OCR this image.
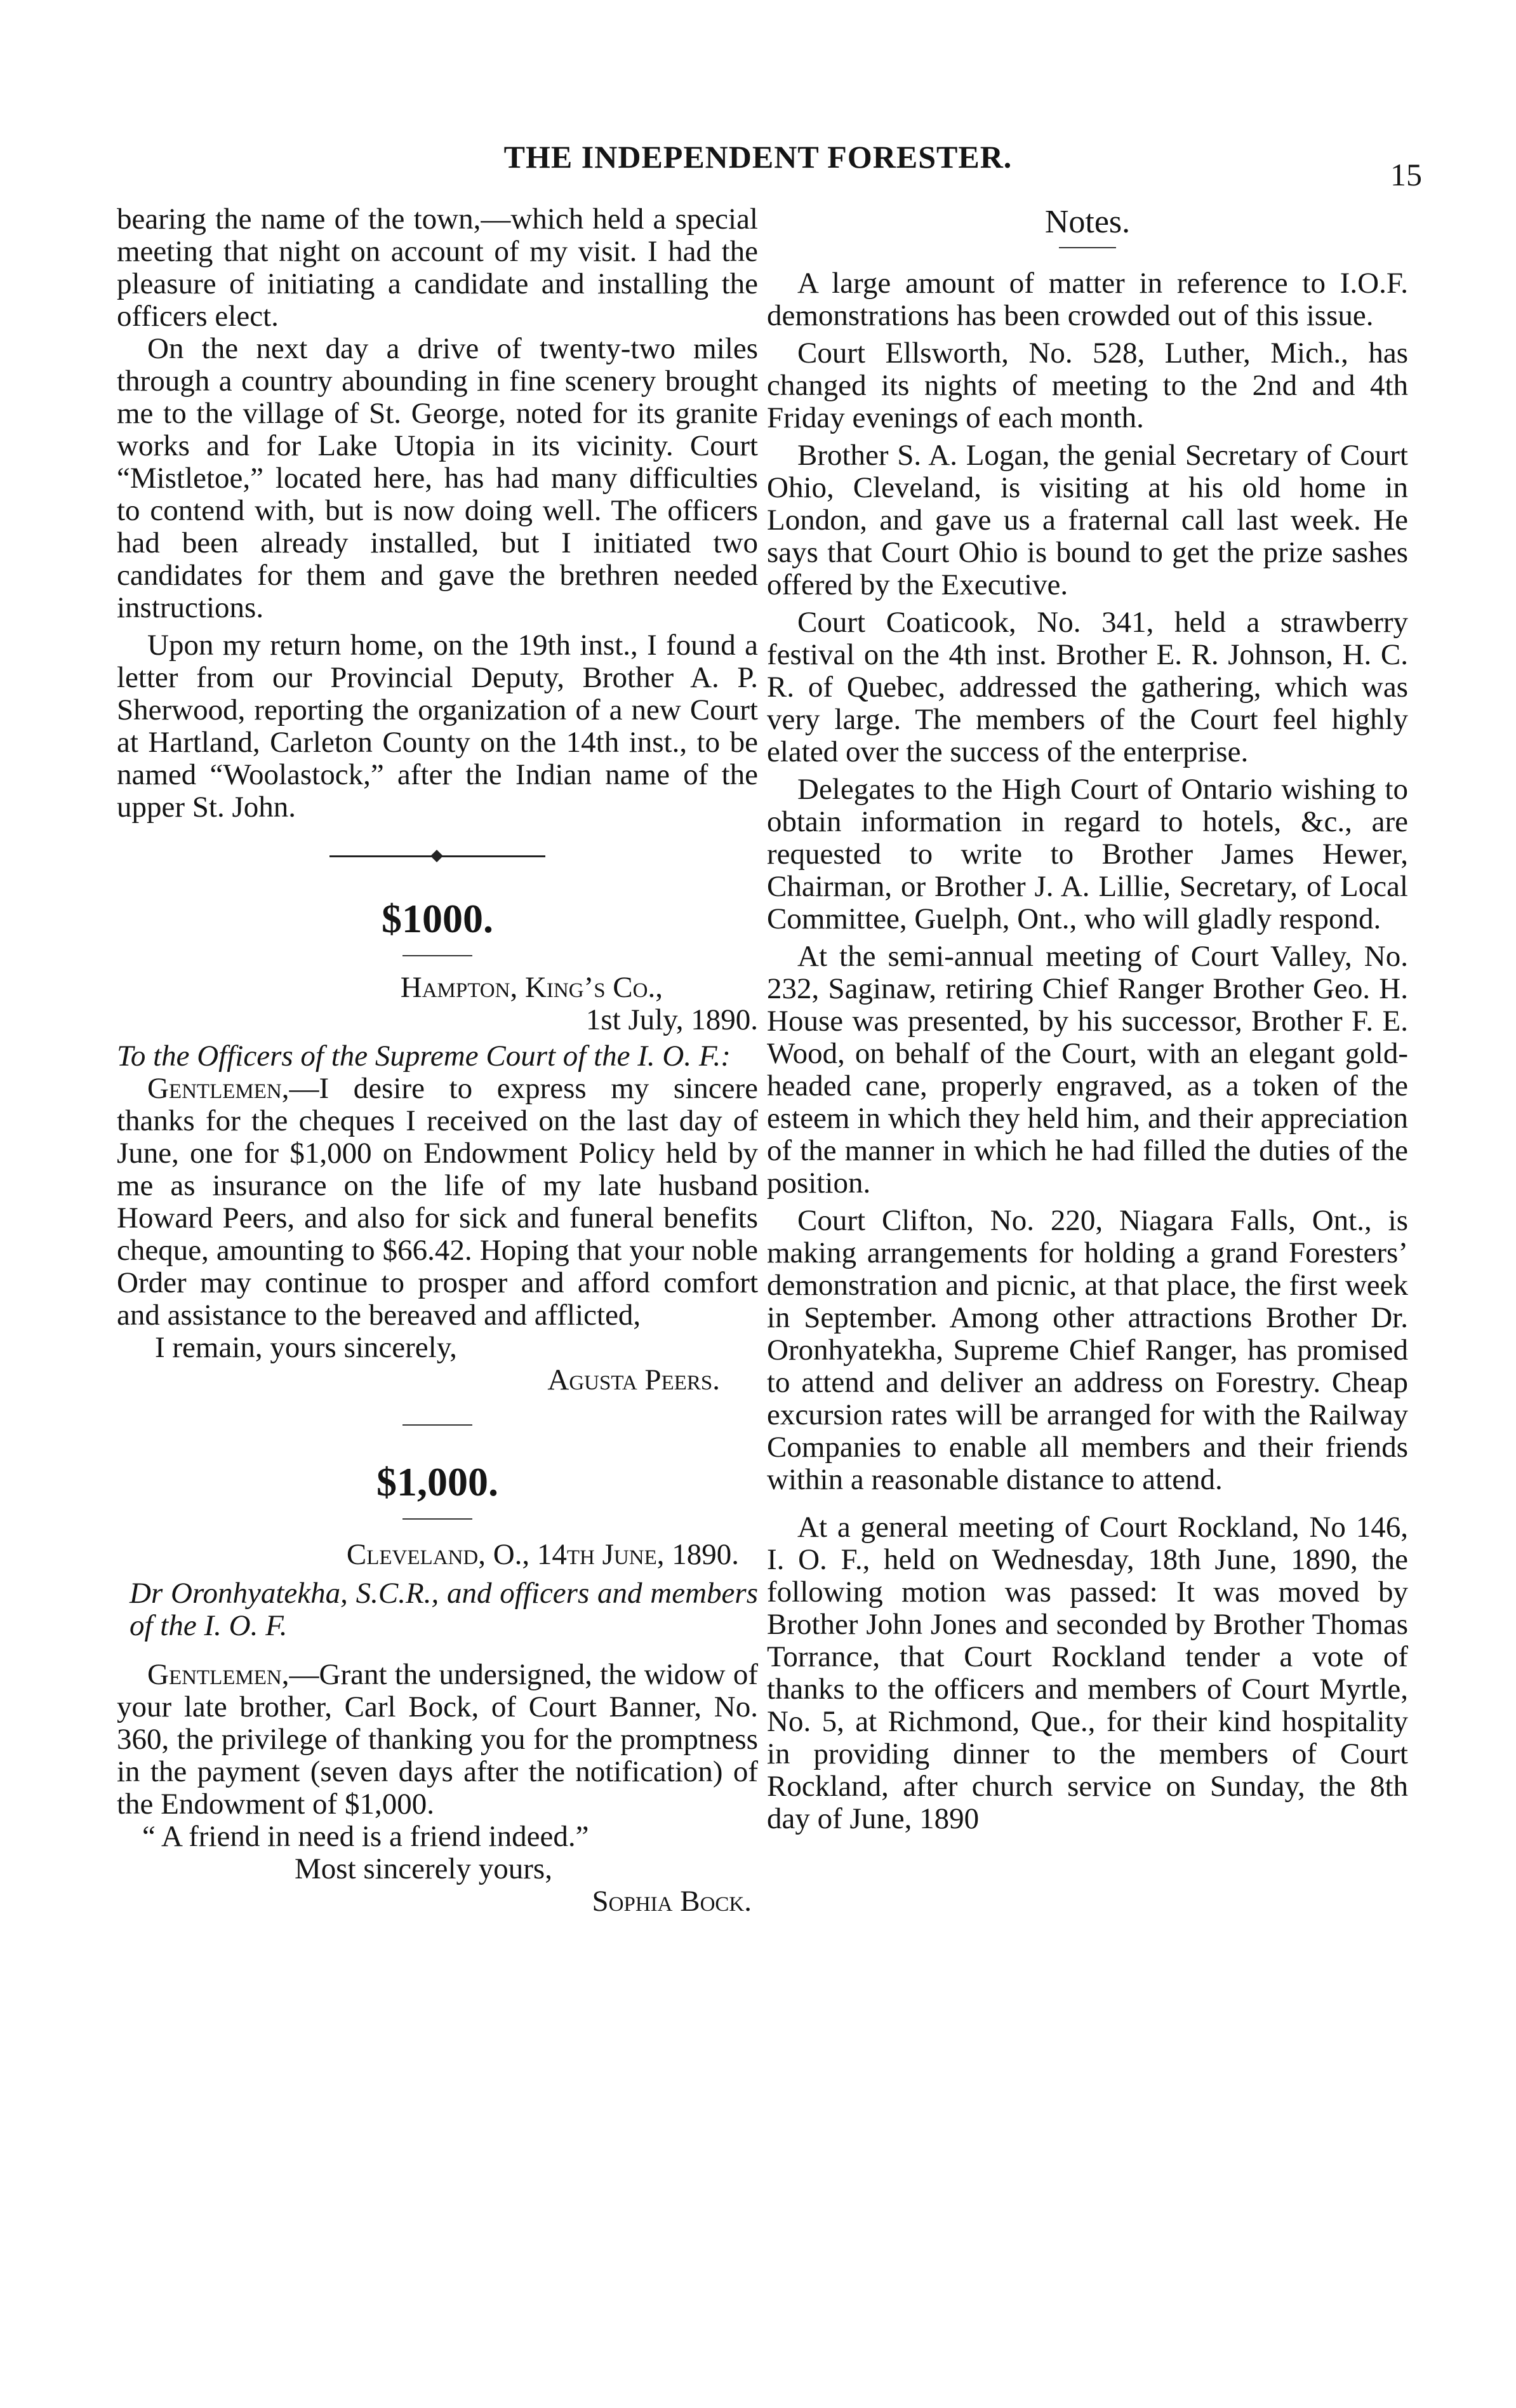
THE INDEPENDENT FORESTER.	15

bearing the name of the town,—which held a special meeting that night on account of my visit. I had the pleasure of initiating a candidate and installing the officers elect.

On the next day a drive of twenty-two miles through a country abounding in fine scenery brought me to the village of St. George, noted for its granite works and for Lake Utopia in its vicinity. Court “Mistletoe,” located here, has had many difficulties to contend with, but is now doing well. The officers had been already installed, but I initiated two candidates for them and gave the brethren needed instructions.

Upon my return home, on the 19th inst., I found a letter from our Provincial Deputy, Brother A. P. Sherwood, reporting the organization of a new Court at Hartland, Carleton County on the 14th inst., to be named “Woolastock,” after the Indian name of the upper St. John.

$1000.

Hampton, King’s Co.,

1st July, 1890.

To the Officers of the Supreme Court of the I. O. F.:

Gentlemen,—I desire to express my sincere thanks for the cheques I received on the last day of June, one for $1,000 on Endowment Policy held by me as insurance on the life of my late husband Howard Peers, and also for sick and funeral benefits cheque, amounting to $66.42. Hoping that your noble Order may continue to prosper and afford comfort and assistance to the bereaved and afflicted,

I remain, yours sincerely,

Agusta Peers.

$1,000.

Cleveland, O., 14th June, 1890.

Dr Oronhyatekha, S.C.R., and officers and members of the I. O. F.

Gentlemen,—Grant the undersigned, the widow of your late brother, Carl Bock, of Court Banner, No. 360, the privilege of thanking you for the promptness in the payment (seven days after the notification) of the Endowment of $1,000.

“ A friend in need is a friend indeed.”

Most sincerely yours,

Sophia Bock.

Notes.

A large amount of matter in reference to I.O.F. demonstrations has been crowded out of this issue.

Court Ellsworth, No. 528, Luther, Mich., has changed its nights of meeting to the 2nd and 4th Friday evenings of each month.

Brother S. A. Logan, the genial Secretary of Court Ohio, Cleveland, is visiting at his old home in London, and gave us a fraternal call last week. He says that Court Ohio is bound to get the prize sashes offered by the Executive.

Court Coaticook, No. 341, held a strawberry festival on the 4th inst. Brother E. R. Johnson, H. C. R. of Quebec, addressed the gathering, which was very large. The members of the Court feel highly elated over the success of the enterprise.

Delegates to the High Court of Ontario wishing to obtain information in regard to hotels, &c., are requested to write to Brother James Hewer, Chairman, or Brother J. A. Lillie, Secretary, of Local Committee, Guelph, Ont., who will gladly respond.

At the semi-annual meeting of Court Valley, No. 232, Saginaw, retiring Chief Ranger Brother Geo. H. House was presented, by his successor, Brother F. E. Wood, on behalf of the Court, with an elegant gold-headed cane, properly engraved, as a token of the esteem in which they held him, and their appreciation of the manner in which he had filled the duties of the position.

Court Clifton, No. 220, Niagara Falls, Ont., is making arrangements for holding a grand Foresters’ demonstration and picnic, at that place, the first week in September. Among other attractions Brother Dr. Oronhyatekha, Supreme Chief Ranger, has promised to attend and deliver an address on Forestry. Cheap excursion rates will be arranged for with the Railway Companies to enable all members and their friends within a reasonable distance to attend.

At a general meeting of Court Rockland, No 146, I. O. F., held on Wednesday, 18th June, 1890, the following motion was passed: It was moved by Brother John Jones and seconded by Brother Thomas Torrance, that Court Rockland tender a vote of thanks to the officers and members of Court Myrtle, No. 5, at Richmond, Que., for their kind hospitality in providing dinner to the members of Court Rockland, after church service on Sunday, the 8th day of June, 1890
